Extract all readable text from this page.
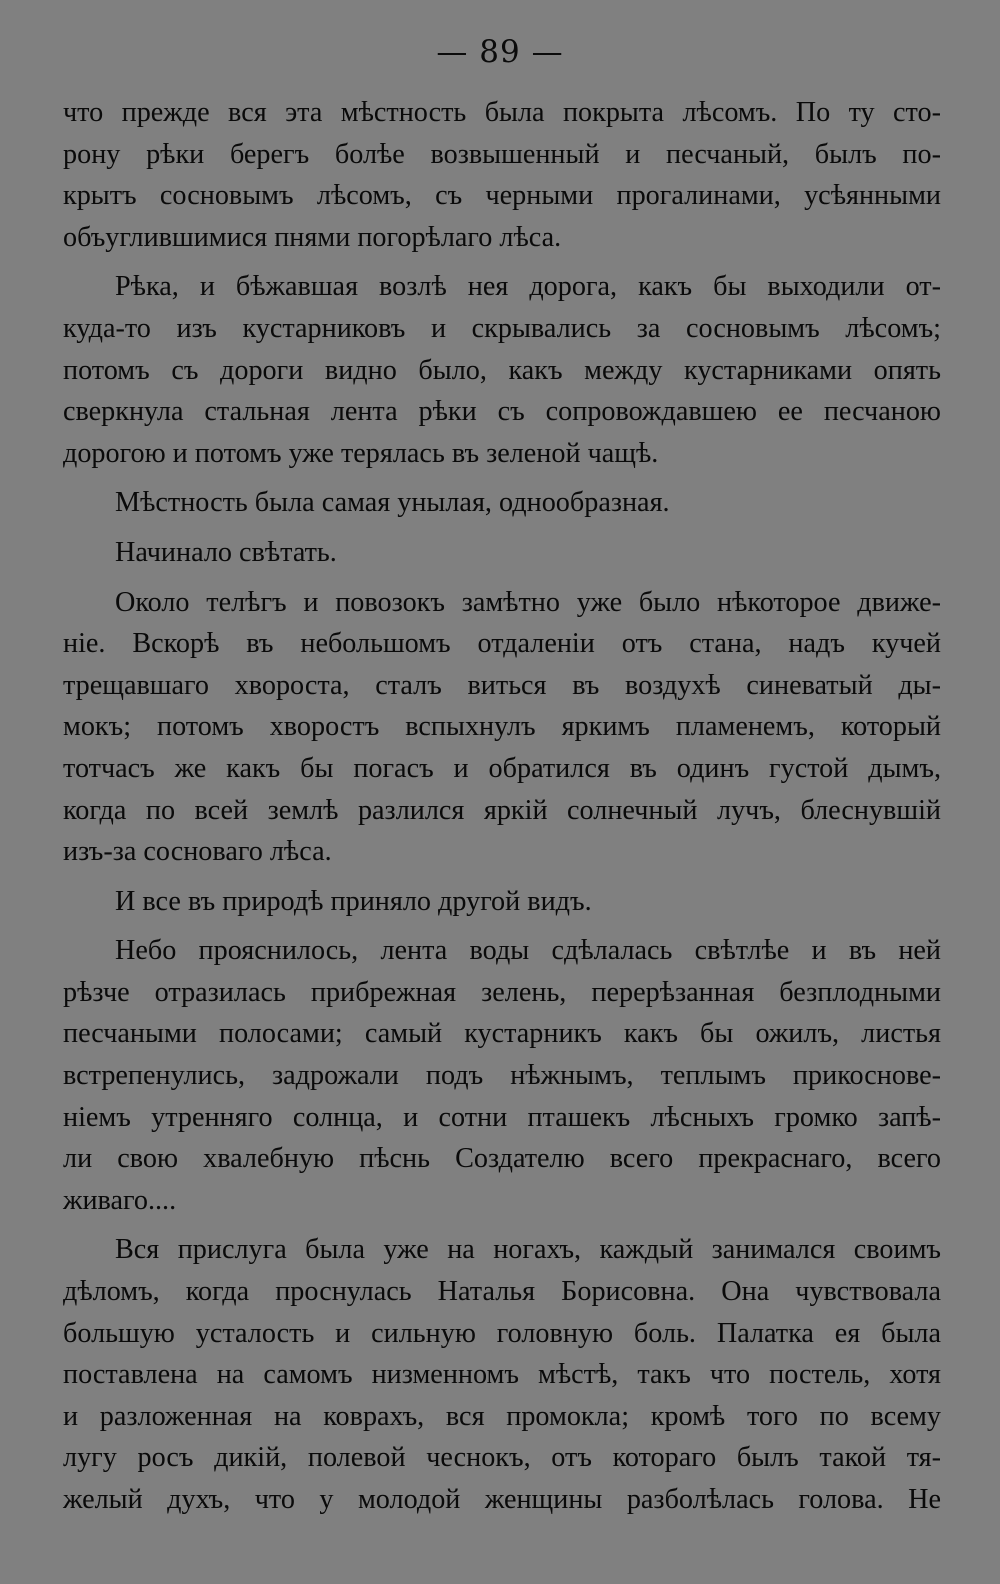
— 89 —
что прежде вся эта мѣстность была покрыта лѣсомъ. По ту сто-
рону рѣки берегъ болѣе возвышенный и песчаный, былъ по-
крытъ сосновымъ лѣсомъ, съ черными прогалинами, усѣянными
объуглившимися пнями погорѣлаго лѣса.
Рѣка, и бѣжавшая возлѣ нея дорога, какъ бы выходили от-
куда-то изъ кустарниковъ и скрывались за сосновымъ лѣсомъ;
потомъ съ дороги видно было, какъ между кустарниками опять
сверкнула стальная лента рѣки съ сопровождавшею ее песчаною
дорогою и потомъ уже терялась въ зеленой чащѣ.
Мѣстность была самая унылая, однообразная.
Начинало свѣтать.
Около телѣгъ и повозокъ замѣтно уже было нѣкоторое движе-
ніе. Вскорѣ въ небольшомъ отдаленіи отъ стана, надъ кучей
трещавшаго хвороста, сталъ виться въ воздухѣ синеватый ды-
мокъ; потомъ хворостъ вспыхнулъ яркимъ пламенемъ, который
тотчасъ же какъ бы погасъ и обратился въ одинъ густой дымъ,
когда по всей землѣ разлился яркій солнечный лучъ, блеснувшій
изъ-за сосноваго лѣса.
И все въ природѣ приняло другой видъ.
Небо прояснилось, лента воды сдѣлалась свѣтлѣе и въ ней
рѣзче отразилась прибрежная зелень, перерѣзанная безплодными
песчаными полосами; самый кустарникъ какъ бы ожилъ, листья
встрепенулись, задрожали подъ нѣжнымъ, теплымъ прикоснове-
ніемъ утренняго солнца, и сотни пташекъ лѣсныхъ громко запѣ-
ли свою хвалебную пѣснь Создателю всего прекраснаго, всего
живаго....
Вся прислуга была уже на ногахъ, каждый занимался своимъ
дѣломъ, когда проснулась Наталья Борисовна. Она чувствовала
большую усталость и сильную головную боль. Палатка ея была
поставлена на самомъ низменномъ мѣстѣ, такъ что постель, хотя
и разложенная на коврахъ, вся промокла; кромѣ того по всему
лугу росъ дикій, полевой чеснокъ, отъ котораго былъ такой тя-
желый духъ, что у молодой женщины разболѣлась голова. Не
